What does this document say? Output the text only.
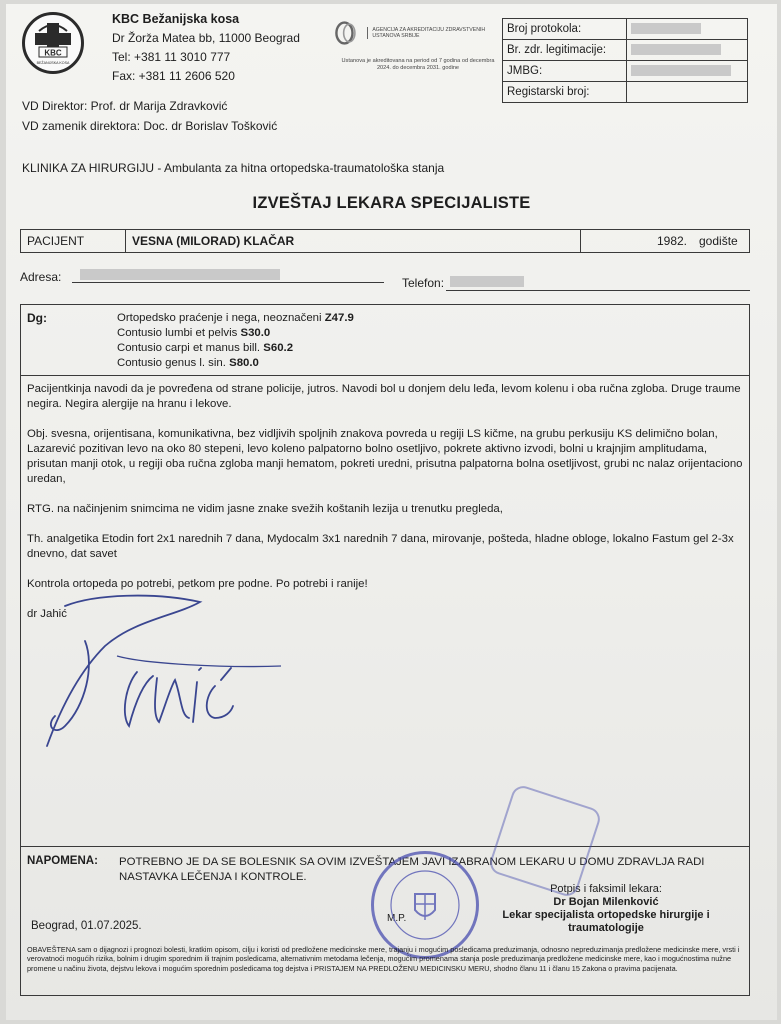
KBC
BEŽANIJSKA KOSA
KBC Bežanijska kosa
Dr Žorža Matea bb, 11000 Beograd
Tel: +381 11 3010 777
Fax: +381 11 2606 520
VD Direktor: Prof. dr Marija Zdravković
VD zamenik direktora: Doc. dr Borislav Tošković
AGENCIJA ZA AKREDITACIJU ZDRAVSTVENIH USTANOVA SRBIJE
Ustanova je akreditovana na period od 7 godina od decembra 2024. do decembra 2031. godine
Broj protokola:	
Br. zdr. legitimacije:	
JMBG:	
Registarski broj:	
KLINIKA ZA HIRURGIJU - Ambulanta za hitna ortopedska-traumatološka stanja
IZVEŠTAJ LEKARA SPECIJALISTE
PACIJENT	VESNA (MILORAD) KLAČAR	1982.	godište
Adresa:	Telefon:
Dg:	Ortopedsko praćenje i nega, neoznačeni Z47.9
Contusio lumbi et pelvis S30.0
Contusio carpi et manus bill. S60.2
Contusio genus l. sin. S80.0
Pacijentkinja navodi da je povređena od strane policije, jutros. Navodi bol u donjem delu leđa, levom kolenu i oba ručna zgloba. Druge traume negira. Negira alergije na hranu i lekove.
Obj. svesna, orijentisana, komunikativna, bez vidljivih spoljnih znakova povreda u regiji LS kičme, na grubu perkusiju KS delimično bolan, Lazarević pozitivan levo na oko 80 stepeni, levo koleno palpatorno bolno osetljivo, pokrete aktivno izvodi, bolni u krajnjim amplitudama, prisutan manji otok, u regiji oba ručna zgloba manji hematom, pokreti uredni, prisutna palpatorna bolna osetljivost, grubi nc nalaz orijentaciono uredan,
RTG. na načinjenim snimcima ne vidim jasne znake svežih koštanih lezija u trenutku pregleda,
Th. analgetika Etodin fort 2x1 narednih 7 dana, Mydocalm 3x1 narednih 7 dana, mirovanje, pošteda, hladne obloge, lokalno Fastum gel 2-3x dnevno, dat savet
Kontrola ortopeda po potrebi, petkom pre podne. Po potrebi i ranije!
dr Jahić
NAPOMENA: POTREBNO JE DA SE BOLESNIK SA OVIM IZVEŠTAJEM JAVI IZABRANOM LEKARU U DOMU ZDRAVLJA RADI NASTAVKA LEČENJA I KONTROLE.
Beograd, 01.07.2025.
M.P.
Potpis i faksimil lekara:
Dr Bojan Milenković
Lekar specijalista ortopedske hirurgije i traumatologije
OBAVEŠTENA sam o dijagnozi i prognozi bolesti, kratkim opisom, cilju i koristi od predložene medicinske mere, trajanju i mogućim posledicama preduzimanja, odnosno nepreduzimanja predložene medicinske mere, vrsti i verovatnoći mogućih rizika, bolnim i drugim sporednim ili trajnim posledicama, alternativnim metodama lečenja, mogućim promenama stanja posle preduzimanja predložene medicinske mere, kao i mogućnostima nužne promene u načinu života, dejstvu lekova i mogućim sporednim posledicama tog dejstva i PRISTAJEM NA PREDLOŽENU MEDICINSKU MERU, shodno članu 11 i članu 15 Zakona o pravima pacijenata.
